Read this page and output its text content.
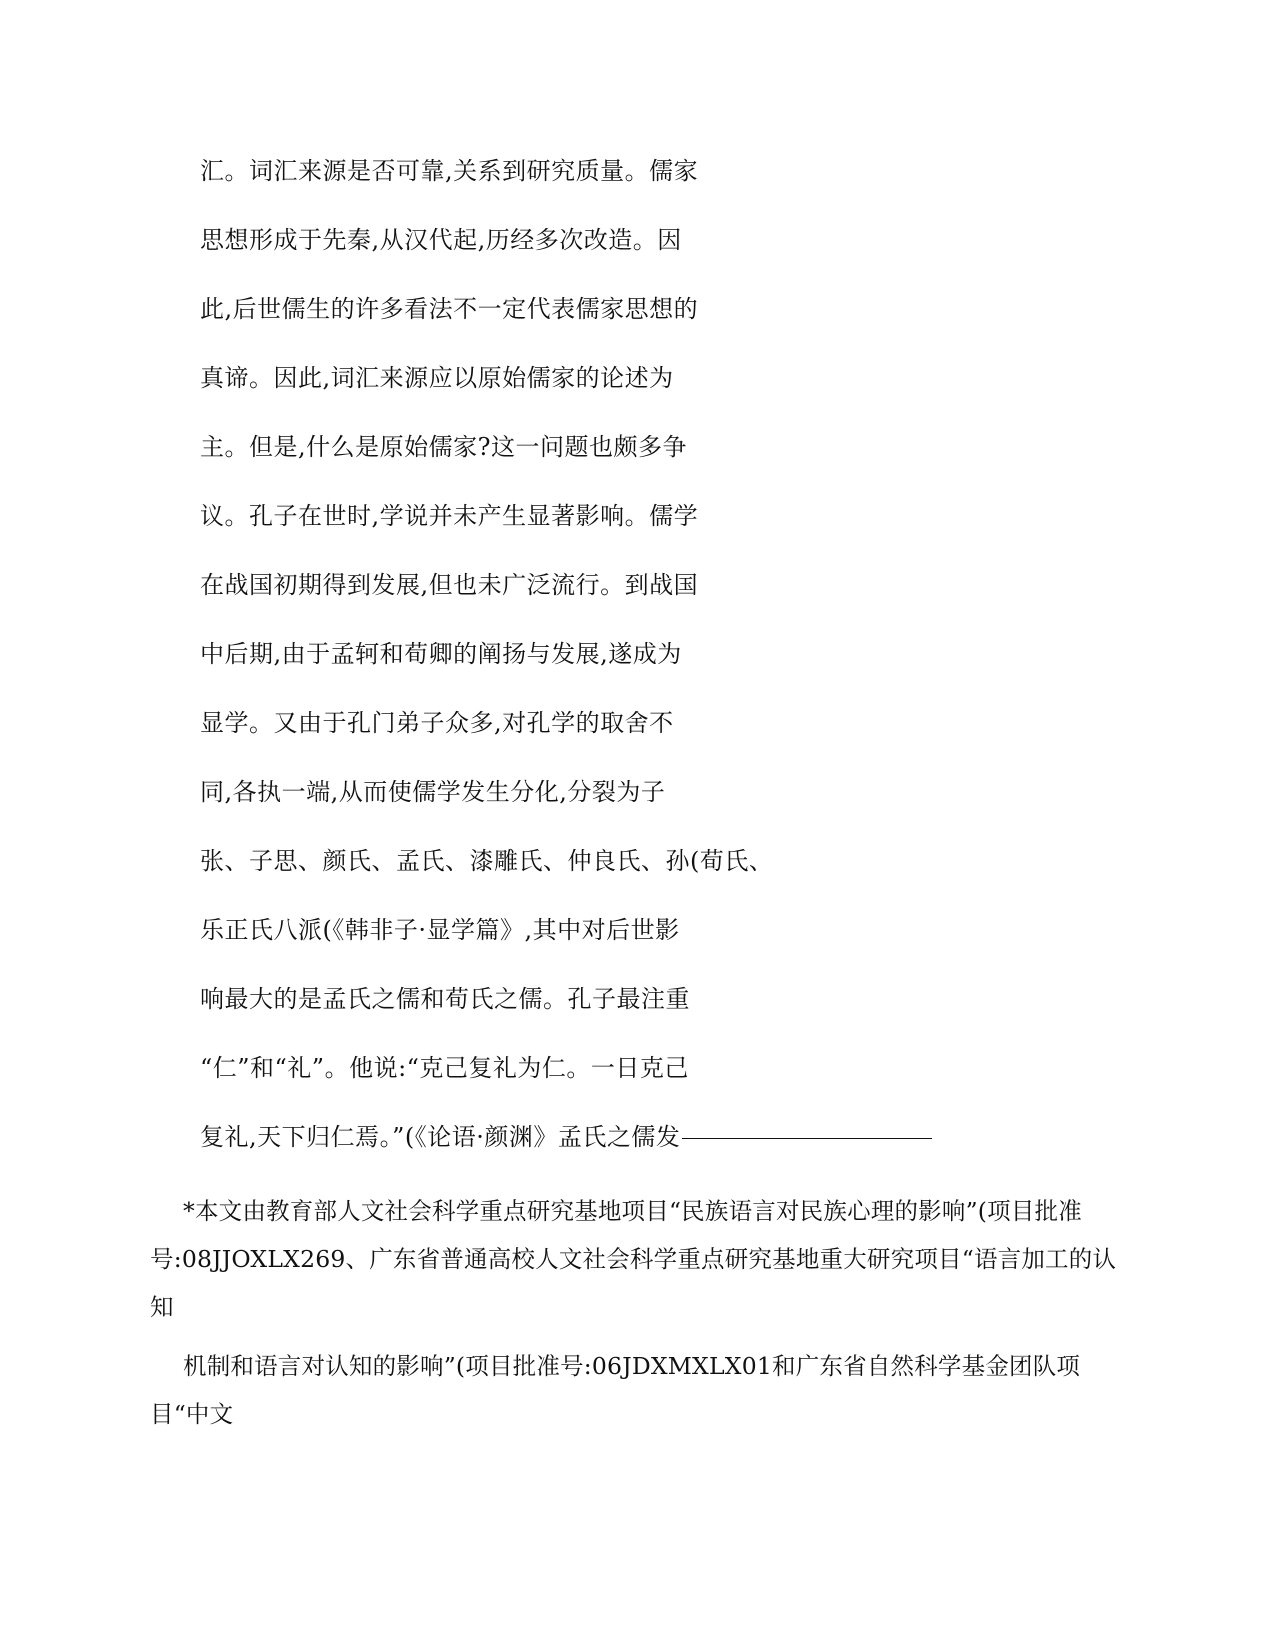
汇。词汇来源是否可靠,关系到研究质量。儒家
思想形成于先秦,从汉代起,历经多次改造。因
此,后世儒生的许多看法不一定代表儒家思想的
真谛。因此,词汇来源应以原始儒家的论述为
主。但是,什么是原始儒家?这一问题也颇多争
议。孔子在世时,学说并未产生显著影响。儒学
在战国初期得到发展,但也未广泛流行。到战国
中后期,由于孟轲和荀卿的阐扬与发展,遂成为
显学。又由于孔门弟子众多,对孔学的取舍不
同,各执一端,从而使儒学发生分化,分裂为子
张、子思、颜氏、孟氏、漆雕氏、仲良氏、孙(荀氏、
乐正氏八派(《韩非子·显学篇》,其中对后世影
响最大的是孟氏之儒和荀氏之儒。孔子最注重
“仁”和“礼”。他说:“克己复礼为仁。一日克己
复礼,天下归仁焉。”(《论语·颜渊》孟氏之儒发
*本文由教育部人文社会科学重点研究基地项目“民族语言对民族心理的影响”(项目批准号:08JJOXLX269、广东省普通高校人文社会科学重点研究基地重大研究项目“语言加工的认知
机制和语言对认知的影响”(项目批准号:06JDXMXLX01和广东省自然科学基金团队项目“中文
